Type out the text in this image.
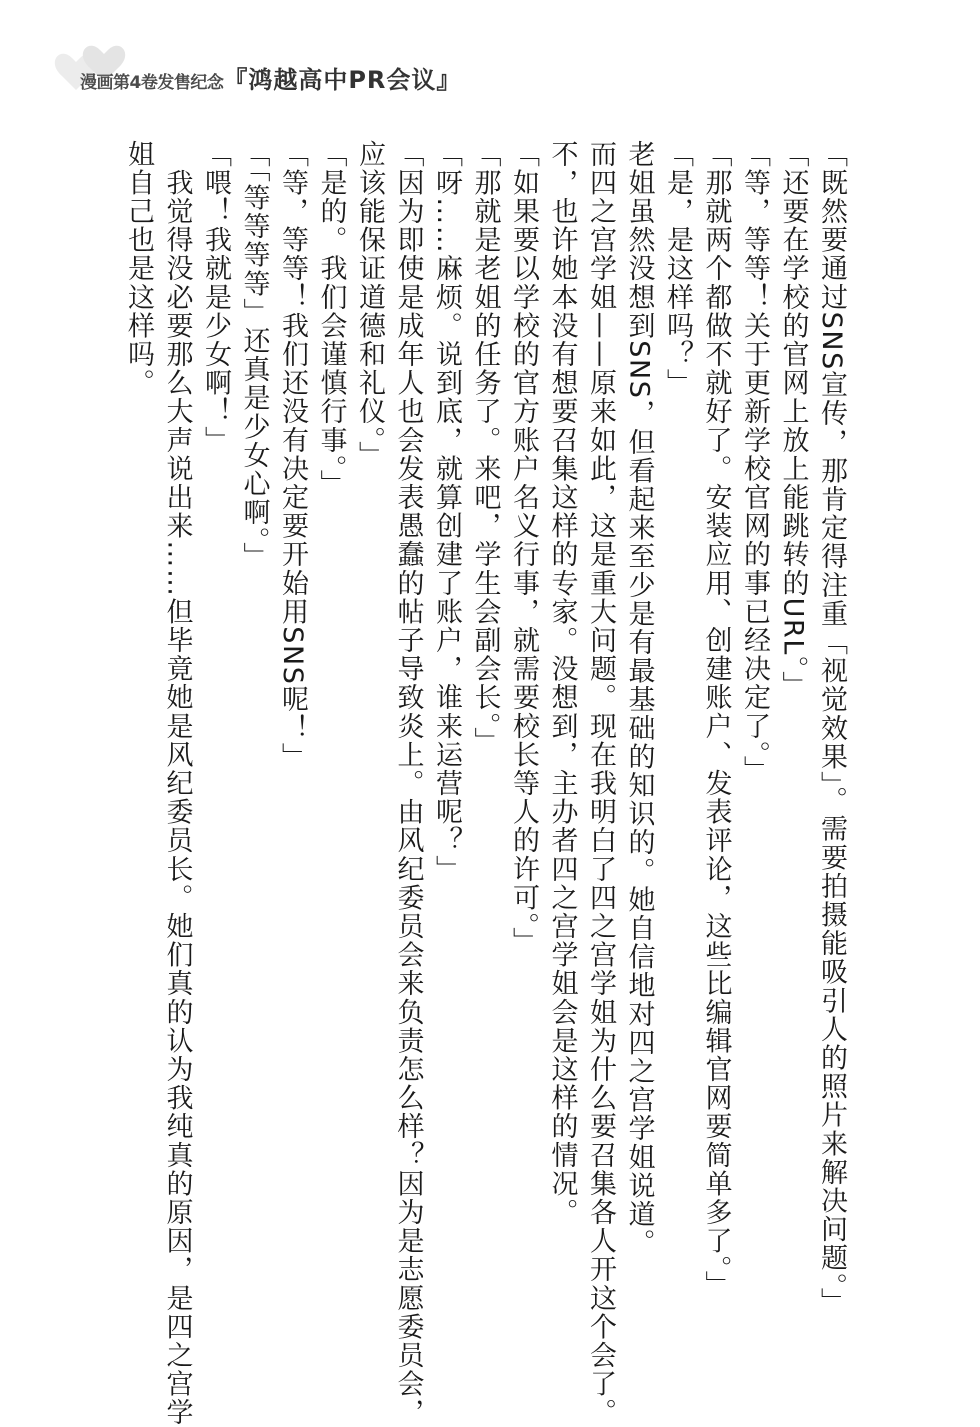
漫画第4卷发售纪念『鸿越高中PR会议』
「既然要通过SNS宣传，那肯定得注重「视觉效果」。需要拍摄能吸引人的照片来解决问题。」
「还要在学校的官网上放上能跳转的URL。」
「等，等等！关于更新学校官网的事已经决定了。」
「那就两个都做不就好了。安装应用、创建账户、发表评论，这些比编辑官网要简单多了。」
「是，是这样吗？」
老姐虽然没想到SNS，但看起来至少是有最基础的知识的。她自信地对四之宫学姐说道。
而四之宫学姐——原来如此，这是重大问题。现在我明白了四之宫学姐为什么要召集各人开这个会了。
不，也许她本没有想要召集这样的专家。没想到，主办者四之宫学姐会是这样的情况。
「如果要以学校的官方账户名义行事，就需要校长等人的许可。」
「那就是老姐的任务了。来吧，学生会副会长。」
「呀……麻烦。说到底，就算创建了账户，谁来运营呢？」
「因为即使是成年人也会发表愚蠢的帖子导致炎上。由风纪委员会来负责怎么样？因为是志愿委员会，
应该能保证道德和礼仪。」
「是的。我们会谨慎行事。」
「等，等等！我们还没有决定要开始用SNS呢！」
「「等等等等」还真是少女心啊。」
「喂！我就是少女啊！」
　我觉得没必要那么大声说出来……但毕竟她是风纪委员长。她们真的认为我纯真的原因，是四之宫学
姐自己也是这样吗。
